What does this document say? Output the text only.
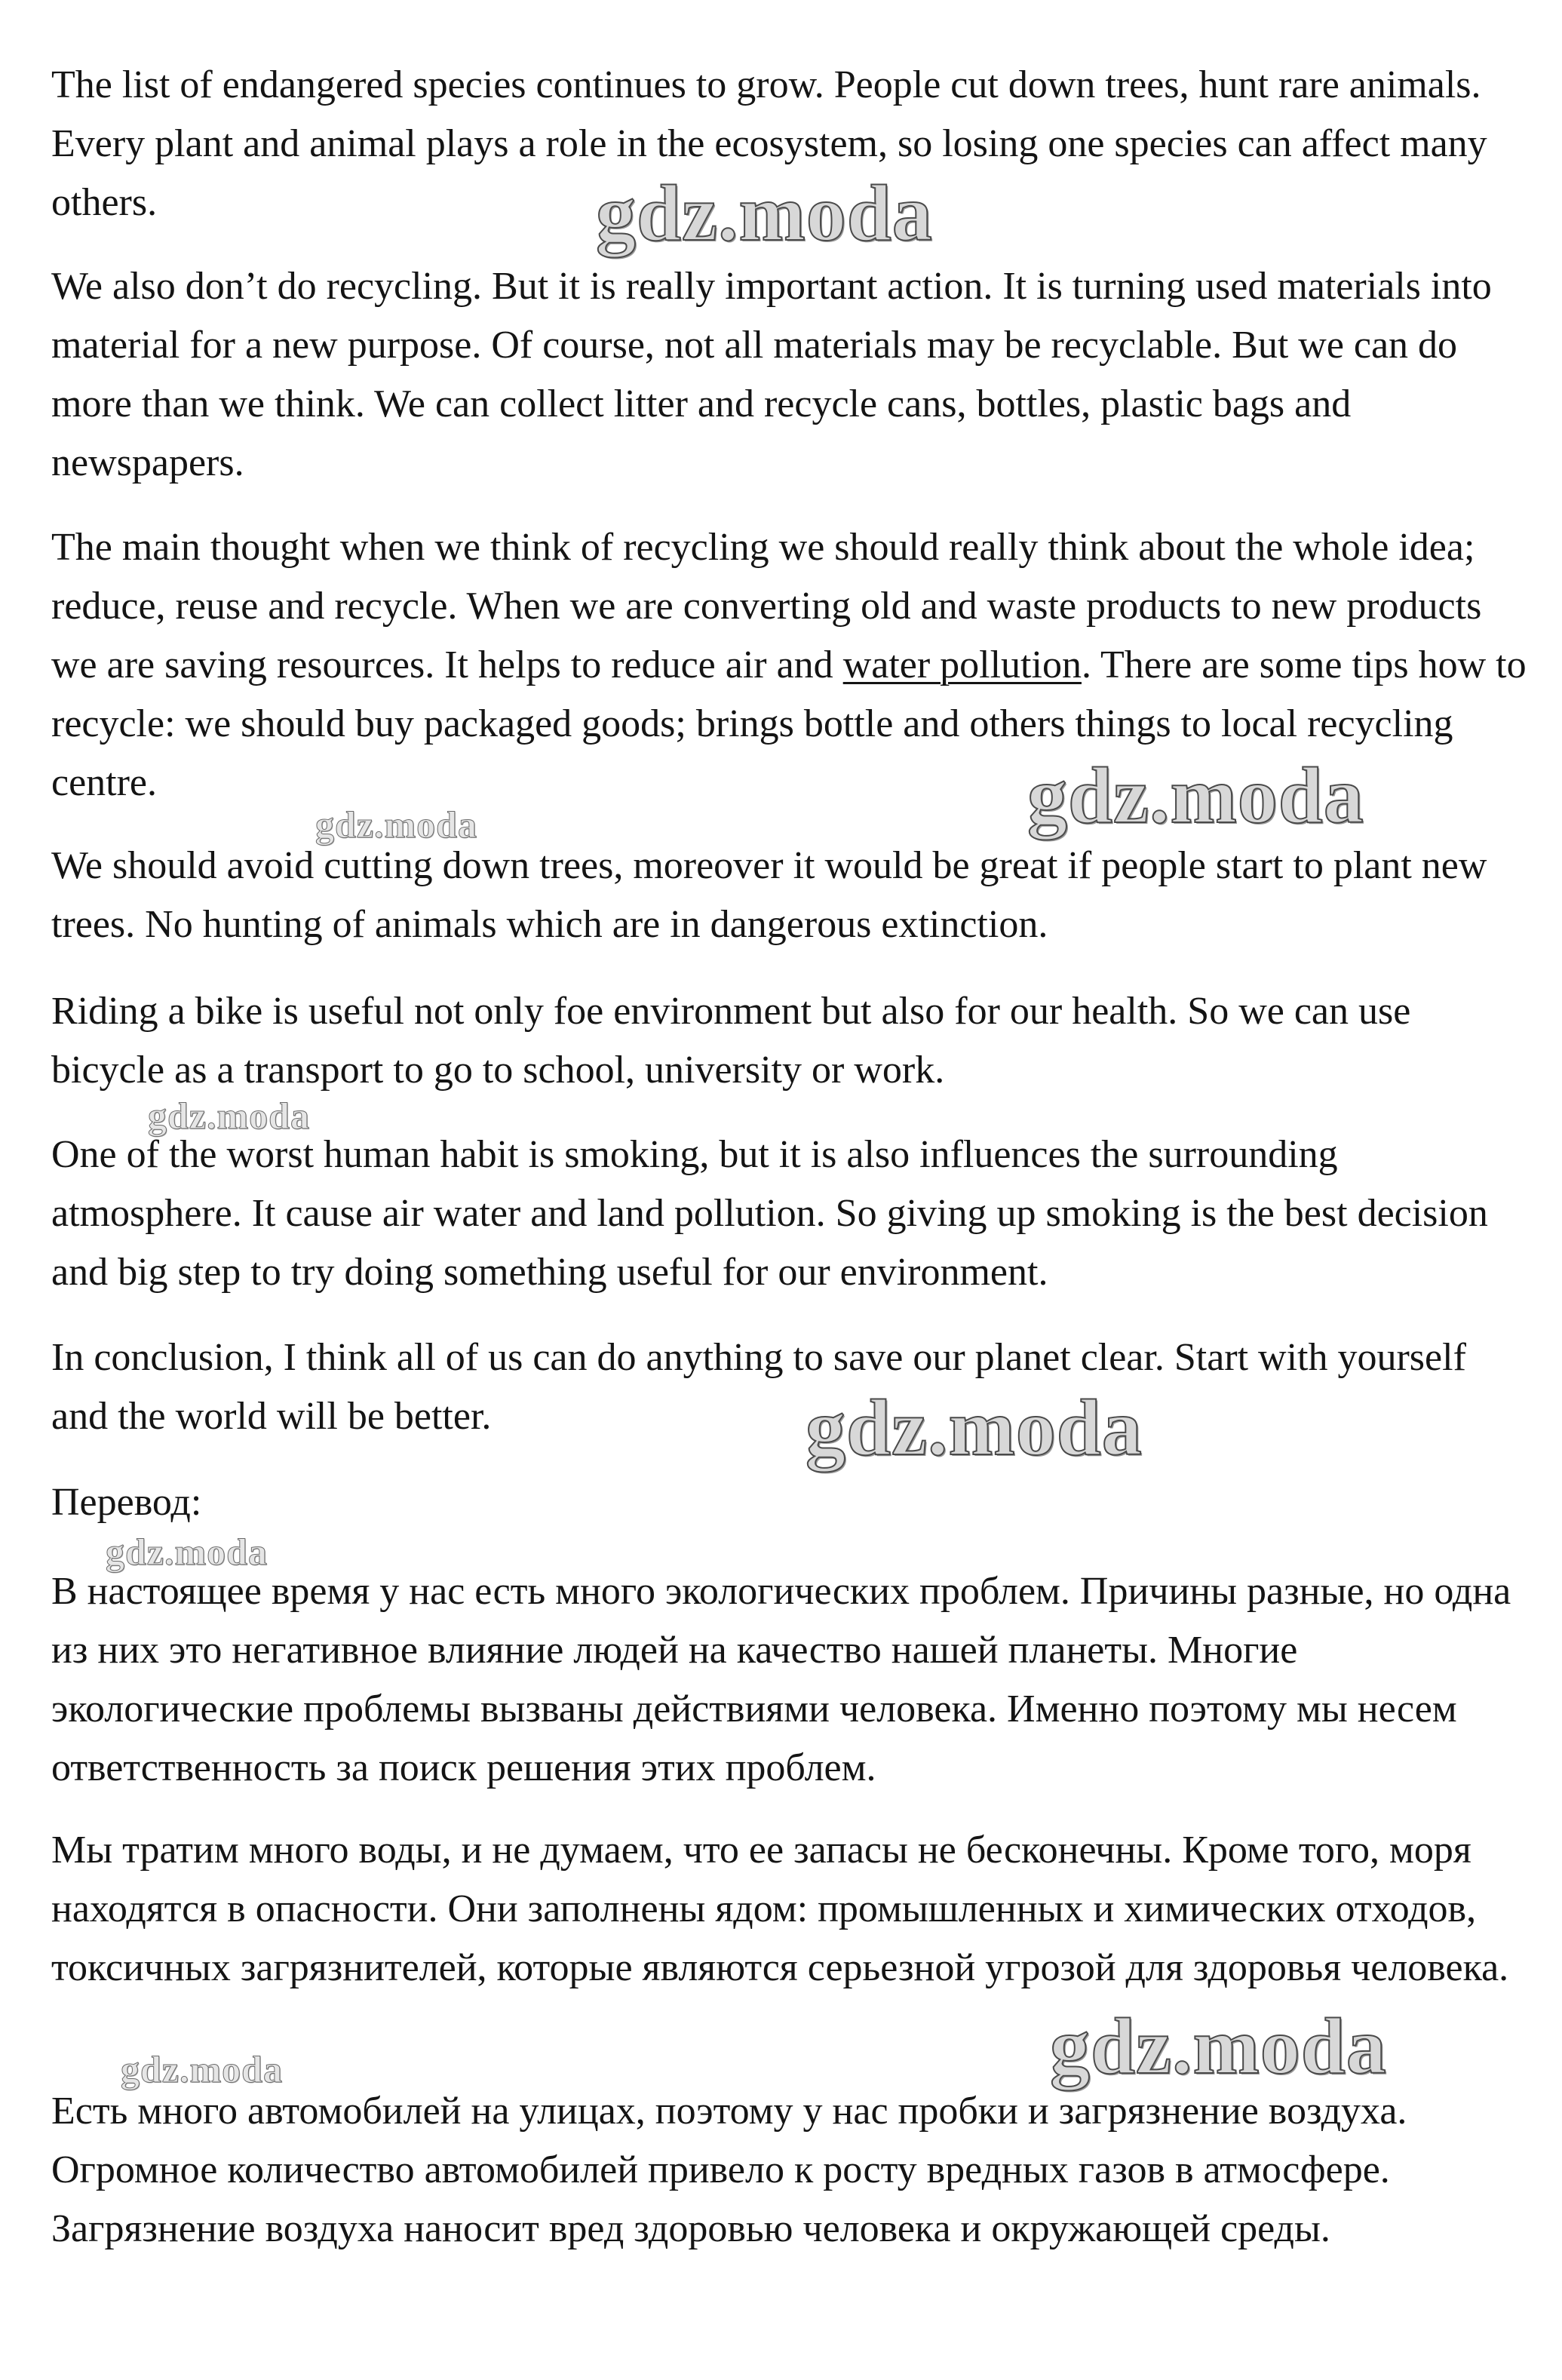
The list of endangered species continues to grow. People cut down trees, hunt rare animals. Every plant and animal plays a role in the ecosystem, so losing one species can affect many others.

We also don’t do recycling. But it is really important action. It is turning used materials into material for a new purpose. Of course, not all materials may be recyclable. But we can do more than we think. We can collect litter and recycle cans, bottles, plastic bags and newspapers.

The main thought when we think of recycling we should really think about the whole idea; reduce, reuse and recycle. When we are converting old and waste products to new products we are saving resources. It helps to reduce air and water pollution. There are some tips how to recycle: we should buy packaged goods; brings bottle and others things to local recycling centre.

We should avoid cutting down trees, moreover it would be great if people start to plant new trees. No hunting of animals which are in dangerous extinction.

Riding a bike is useful not only foe environment but also for our health. So we can use bicycle as a transport to go to school, university or work.

One of the worst human habit is smoking, but it is also influences the surrounding atmosphere. It cause air water and land pollution. So giving up smoking is the best decision and big step to try doing something useful for our environment.

In conclusion, I think all of us can do anything to save our planet clear. Start with yourself and the world will be better.

Перевод:

В настоящее время у нас есть много экологических проблем. Причины разные, но одна из них это негативное влияние людей на качество нашей планеты. Многие экологические проблемы вызваны действиями человека. Именно поэтому мы несем ответственность за поиск решения этих проблем.

Мы тратим много воды, и не думаем, что ее запасы не бесконечны. Кроме того, моря находятся в опасности. Они заполнены ядом: промышленных и химических отходов, токсичных загрязнителей, которые являются серьезной угрозой для здоровья человека.

Есть много автомобилей на улицах, поэтому у нас пробки и загрязнение воздуха. Огромное количество автомобилей привело к росту вредных газов в атмосфере. Загрязнение воздуха наносит вред здоровью человека и окружающей среды.

gdz.moda
gdz.moda
gdz.moda
gdz.moda
gdz.moda
gdz.moda
gdz.moda
gdz.moda
